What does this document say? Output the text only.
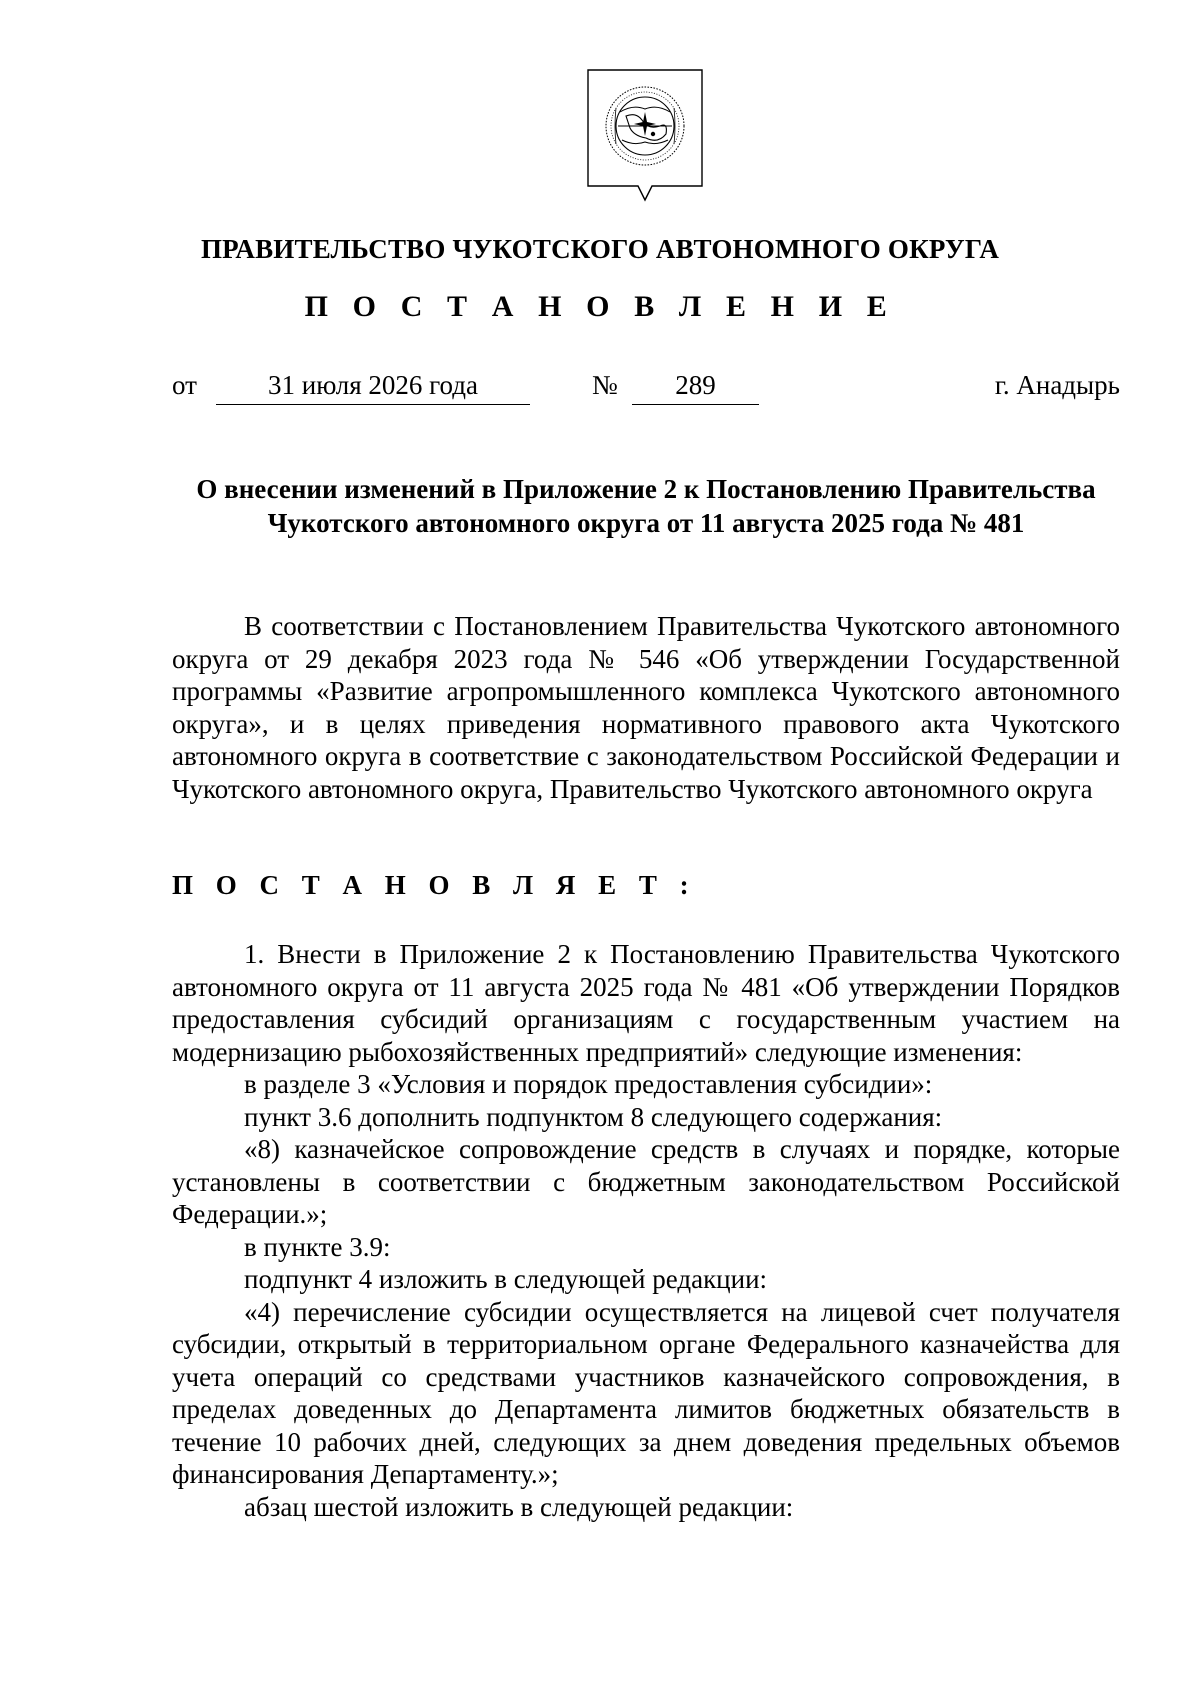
ПРАВИТЕЛЬСТВО ЧУКОТСКОГО АВТОНОМНОГО ОКРУГА
П О С Т А Н О В Л Е Н И Е
от	31 июля 2026 года	№	289	г. Анадырь
О внесении изменений в Приложение 2 к Постановлению Правительства
Чукотского автономного округа от 11 августа 2025 года № 481

В соответствии с Постановлением Правительства Чукотского автономного округа от 29 декабря 2023 года № 546 «Об утверждении Государственной программы «Развитие агропромышленного комплекса Чукотского автономного округа», и в целях приведения нормативного правового акта Чукотского автономного округа в соответствие с законодательством Российской Федерации и Чукотского автономного округа, Правительство Чукотского автономного округа

П О С Т А Н О В Л Я Е Т :

1. Внести в Приложение 2 к Постановлению Правительства Чукотского автономного округа от 11 августа 2025 года № 481 «Об утверждении Порядков предоставления субсидий организациям с государственным участием на модернизацию рыбохозяйственных предприятий» следующие изменения:

в разделе 3 «Условия и порядок предоставления субсидии»:

пункт 3.6 дополнить подпунктом 8 следующего содержания:

«8) казначейское сопровождение средств в случаях и порядке, которые установлены в соответствии с бюджетным законодательством Российской Федерации.»;

в пункте 3.9:

подпункт 4 изложить в следующей редакции:

«4) перечисление субсидии осуществляется на лицевой счет получателя субсидии, открытый в территориальном органе Федерального казначейства для учета операций со средствами участников казначейского сопровождения, в пределах доведенных до Департамента лимитов бюджетных обязательств в течение 10 рабочих дней, следующих за днем доведения предельных объемов финансирования Департаменту.»;

абзац шестой изложить в следующей редакции:
